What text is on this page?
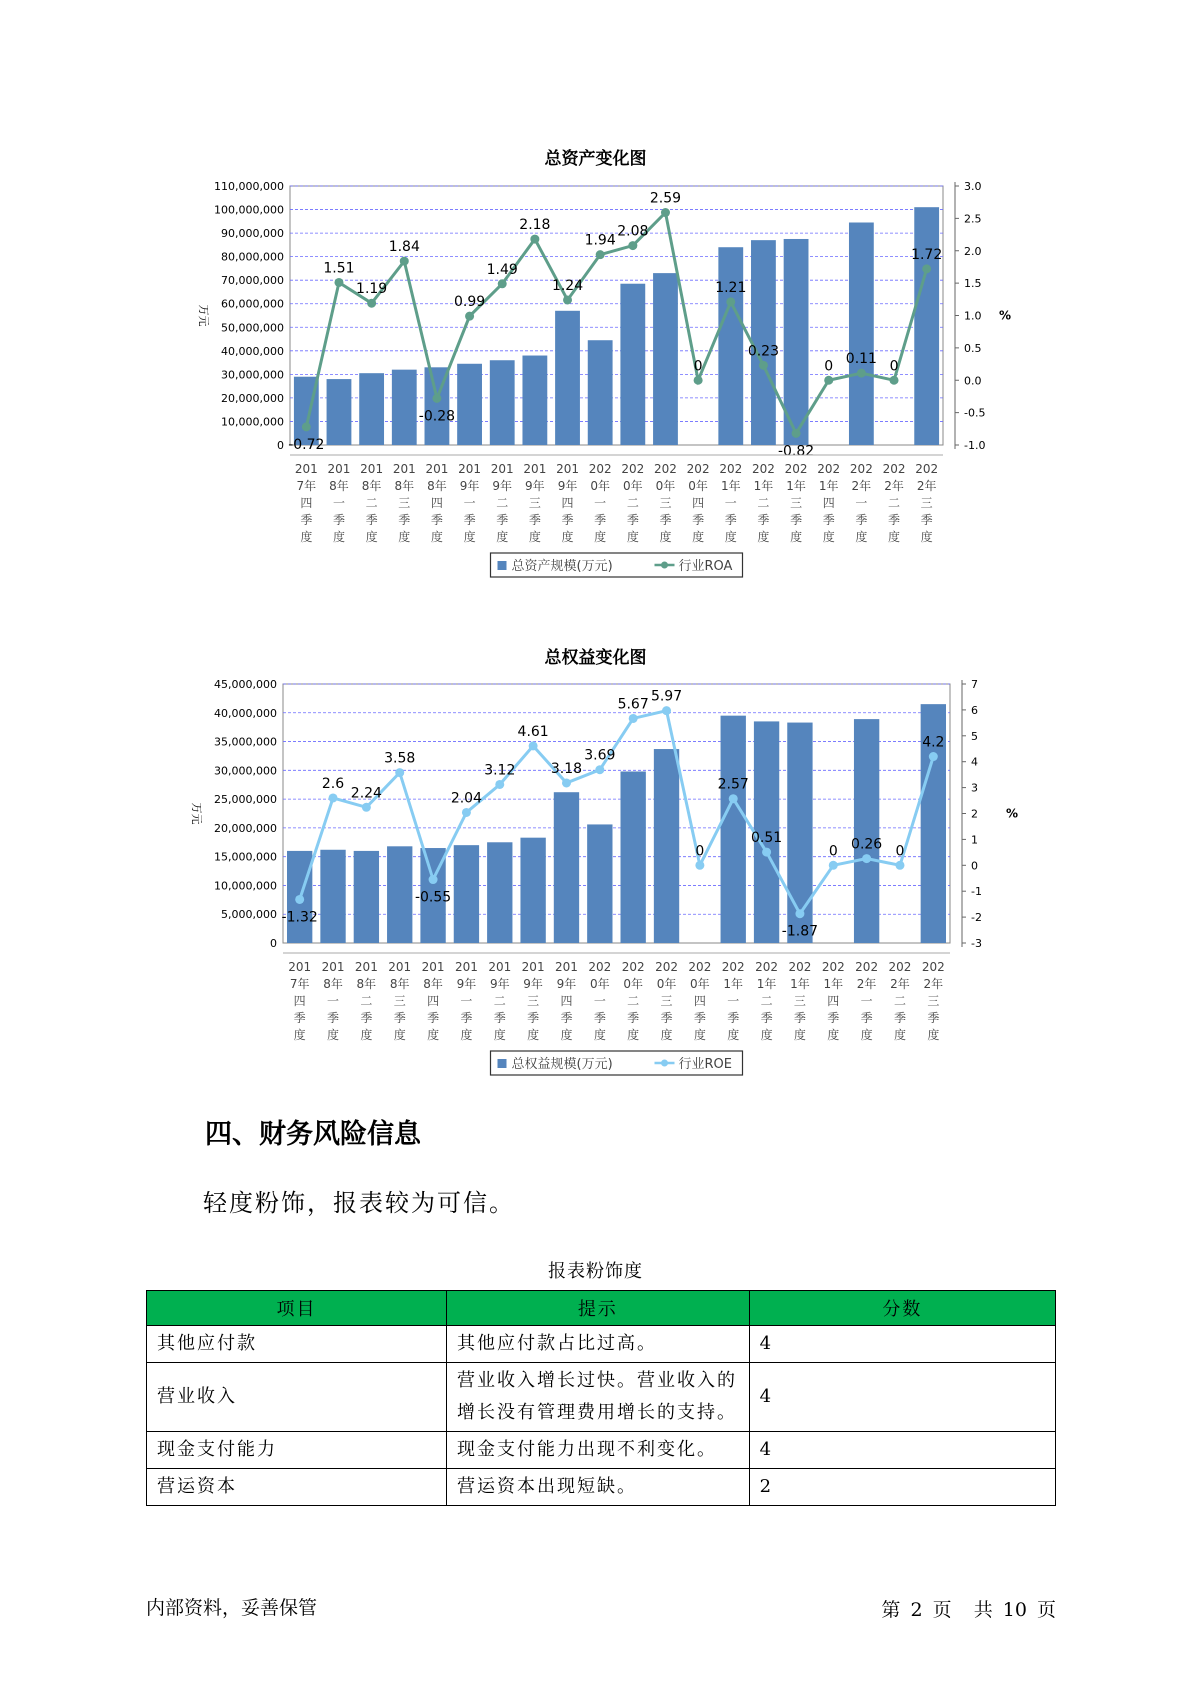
总资产变化图
0
10,000,000
20,000,000
30,000,000
40,000,000
50,000,000
60,000,000
70,000,000
80,000,000
90,000,000
100,000,000
110,000,000
万元
-1.0
-0.5
0.0
0.5
1.0
1.5
2.0
2.5
3.0
%
-0.72
1.51
1.19
1.84
-0.28
0.99
1.49
2.18
1.24
1.94
2.08
2.59
0
1.21
0.23
-0.82
0 0.11 0
1.72
201 7年四季度
201 8年一季度
201 8年二季度
201 8年三季度
201 8年四季度
201 9年一季度
201 9年二季度
201 9年三季度
201 9年四季度
202 0年一季度
202 0年二季度
202 0年三季度
202 0年四季度
202 1年一季度
202 1年二季度
202 1年三季度
202 1年四季度
202 2年一季度
202 2年二季度
202 2年三季度
总资产规模(万元)	行业ROA
总权益变化图
0
5,000,000
10,000,000
15,000,000
20,000,000
25,000,000
30,000,000
35,000,000
40,000,000
45,000,000
万元
-3
-2
-1
0
1
2
3
4
5
6
7
%
-1.32
2.6
2.24
3.58
-0.55
2.04
3.12
4.61
3.18
3.69
5.67 5.97
0
2.57
0.51
-1.87
0 0.26 0
4.2
201 7年四季度
201 8年一季度
201 8年二季度
201 8年三季度
201 8年四季度
201 9年一季度
201 9年二季度
201 9年三季度
201 9年四季度
202 0年一季度
202 0年二季度
202 0年三季度
202 0年四季度
202 1年一季度
202 1年二季度
202 1年三季度
202 1年四季度
202 2年一季度
202 2年二季度
202 2年三季度
总权益规模(万元)	行业ROE
四、财务风险信息
轻度粉饰，报表较为可信。
报表粉饰度
项目	提示	分数
其他应付款	其他应付款占比过高。	4
营业收入	营业收入增长过快。营业收入的增长没有管理费用增长的支持。	4
现金支付能力	现金支付能力出现不利变化。	4
营运资本	营运资本出现短缺。	2
内部资料，妥善保管	第 2 页 共 10 页
